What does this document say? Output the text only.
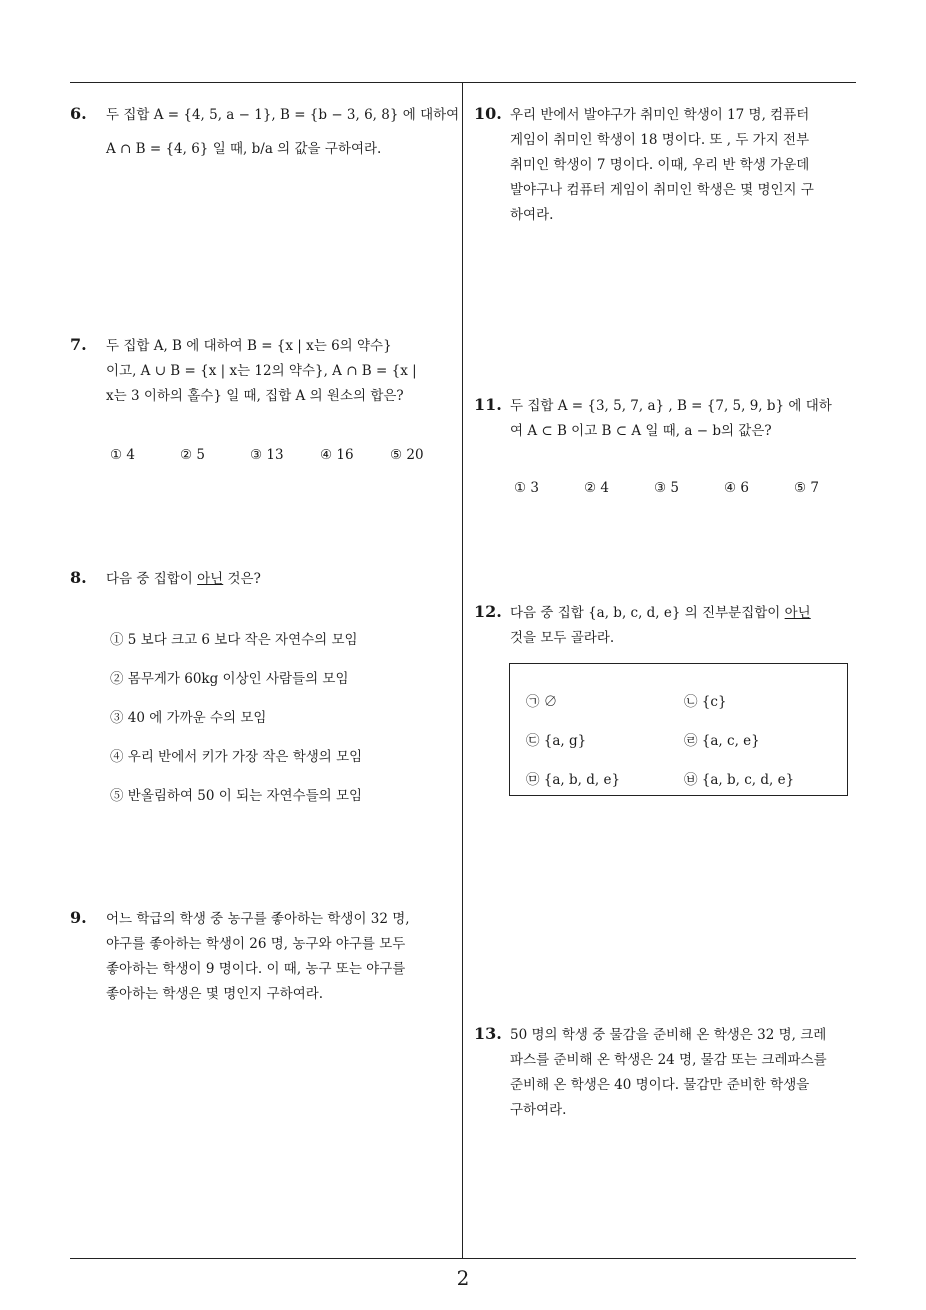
6.	두 집합 A = {4, 5, a − 1}, B = {b − 3, 6, 8} 에 대하여
A ∩ B = {4, 6} 일 때, b/a 의 값을 구하여라.
7.	두 집합 A, B 에 대하여 B = {x | x는 6의 약수}
이고, A ∪ B = {x | x는 12의 약수}, A ∩ B = {x |
x는 3 이하의 홀수} 일 때, 집합 A 의 원소의 합은?
① 4	② 5	③ 13	④ 16	⑤ 20
8.	다음 중 집합이 아닌 것은?
① 5 보다 크고 6 보다 작은 자연수의 모임
② 몸무게가 60kg 이상인 사람들의 모임
③ 40 에 가까운 수의 모임
④ 우리 반에서 키가 가장 작은 학생의 모임
⑤ 반올림하여 50 이 되는 자연수들의 모임
9.	어느 학급의 학생 중 농구를 좋아하는 학생이 32 명,
야구를 좋아하는 학생이 26 명, 농구와 야구를 모두
좋아하는 학생이 9 명이다. 이 때, 농구 또는 야구를
좋아하는 학생은 몇 명인지 구하여라.
10. 우리 반에서 발야구가 취미인 학생이 17 명, 컴퓨터
게임이 취미인 학생이 18 명이다. 또 , 두 가지 전부
취미인 학생이 7 명이다. 이때, 우리 반 학생 가운데
발야구나 컴퓨터 게임이 취미인 학생은 몇 명인지 구
하여라.
11. 두 집합 A = {3, 5, 7, a} , B = {7, 5, 9, b} 에 대하
여 A ⊂ B 이고 B ⊂ A 일 때, a − b의 값은?
① 3	② 4	③ 5	④ 6	⑤ 7
12. 다음 중 집합 {a, b, c, d, e} 의 진부분집합이 아닌
것을 모두 골라라.
㉠ ∅	㉡ {c}
㉢ {a, g}	㉣ {a, c, e}
㉤ {a, b, d, e}	㉥ {a, b, c, d, e}
13. 50 명의 학생 중 물감을 준비해 온 학생은 32 명, 크레
파스를 준비해 온 학생은 24 명, 물감 또는 크레파스를
준비해 온 학생은 40 명이다. 물감만 준비한 학생을
구하여라.
2
